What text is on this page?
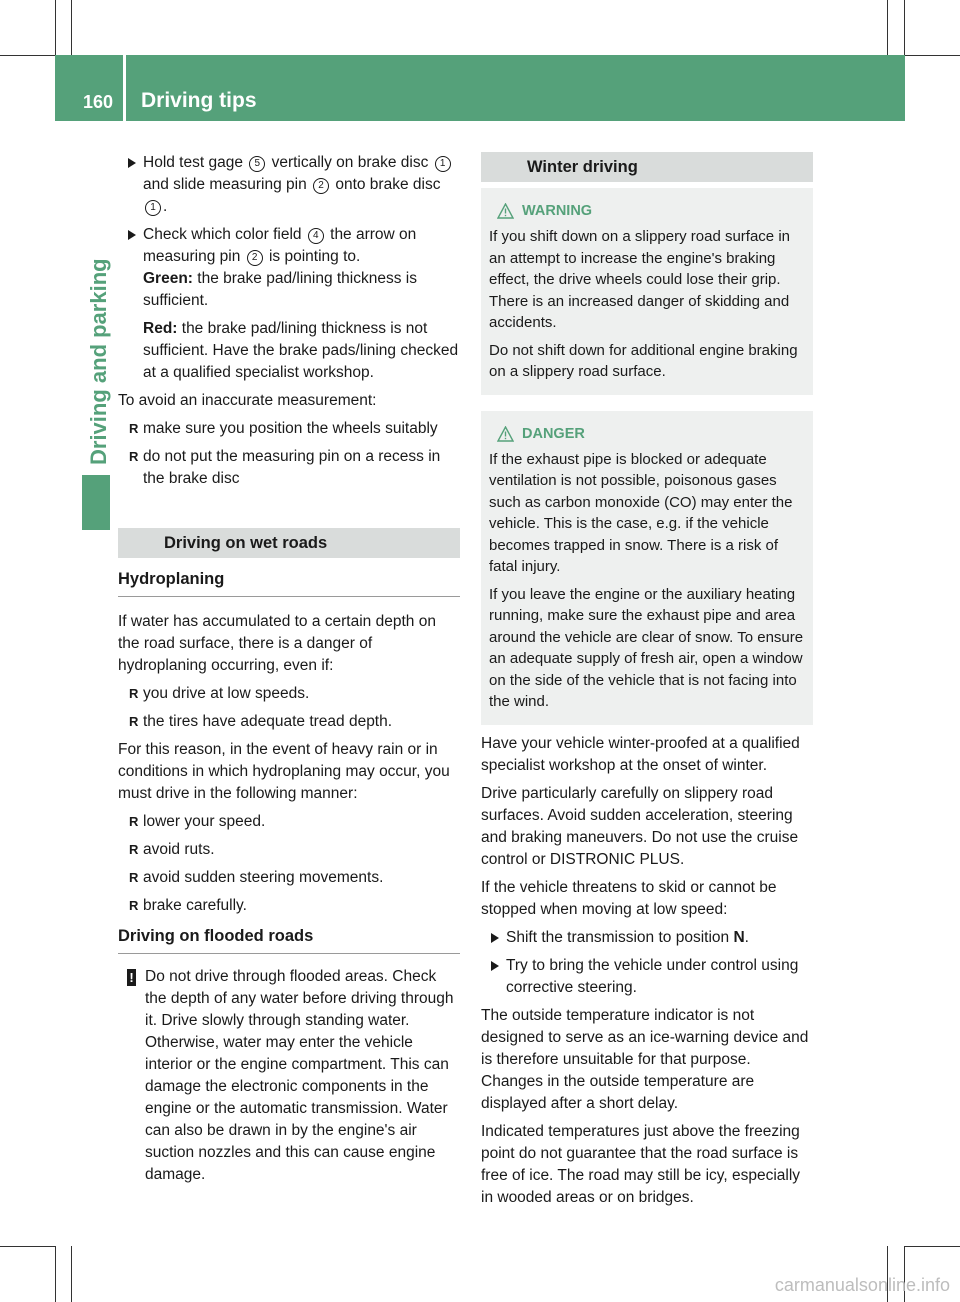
160 Driving tips
Driving and parking
Hold test gage 5 vertically on brake disc 1 and slide measuring pin 2 onto brake disc 1 .
Check which color field 4 the arrow on measuring pin 2 is pointing to.
Green: the brake pad/lining thickness is sufficient.
Red: the brake pad/lining thickness is not sufficient. Have the brake pads/lining checked at a qualified specialist workshop.

To avoid an inaccurate measurement:

R make sure you position the wheels suitably
R do not put the measuring pin on a recess in the brake disc
Driving on wet roads
Hydroplaning

If water has accumulated to a certain depth on the road surface, there is a danger of hydroplaning occurring, even if:

R you drive at low speeds.
R the tires have adequate tread depth.

For this reason, in the event of heavy rain or in conditions in which hydroplaning may occur, you must drive in the following manner:

R lower your speed.
R avoid ruts.
R avoid sudden steering movements.
R brake carefully.
Driving on flooded roads
! Do not drive through flooded areas. Check the depth of any water before driving through it. Drive slowly through standing water. Otherwise, water may enter the vehicle interior or the engine compartment. This can damage the electronic components in the engine or the automatic transmission. Water can also be drawn in by the engine's air suction nozzles and this can cause engine damage.
Winter driving
WARNING

If you shift down on a slippery road surface in an attempt to increase the engine's braking effect, the drive wheels could lose their grip. There is an increased danger of skidding and accidents.

Do not shift down for additional engine braking on a slippery road surface.

DANGER

If the exhaust pipe is blocked or adequate ventilation is not possible, poisonous gases such as carbon monoxide (CO) may enter the vehicle. This is the case, e.g. if the vehicle becomes trapped in snow. There is a risk of fatal injury.

If you leave the engine or the auxiliary heating running, make sure the exhaust pipe and area around the vehicle are clear of snow. To ensure an adequate supply of fresh air, open a window on the side of the vehicle that is not facing into the wind.

Have your vehicle winter-proofed at a qualified specialist workshop at the onset of winter.

Drive particularly carefully on slippery road surfaces. Avoid sudden acceleration, steering and braking maneuvers. Do not use the cruise control or DISTRONIC PLUS.

If the vehicle threatens to skid or cannot be stopped when moving at low speed:

Shift the transmission to position N.
Try to bring the vehicle under control using corrective steering.

The outside temperature indicator is not designed to serve as an ice-warning device and is therefore unsuitable for that purpose. Changes in the outside temperature are displayed after a short delay.

Indicated temperatures just above the freezing point do not guarantee that the road surface is free of ice. The road may still be icy, especially in wooded areas or on bridges.

carmanualsonline.info
